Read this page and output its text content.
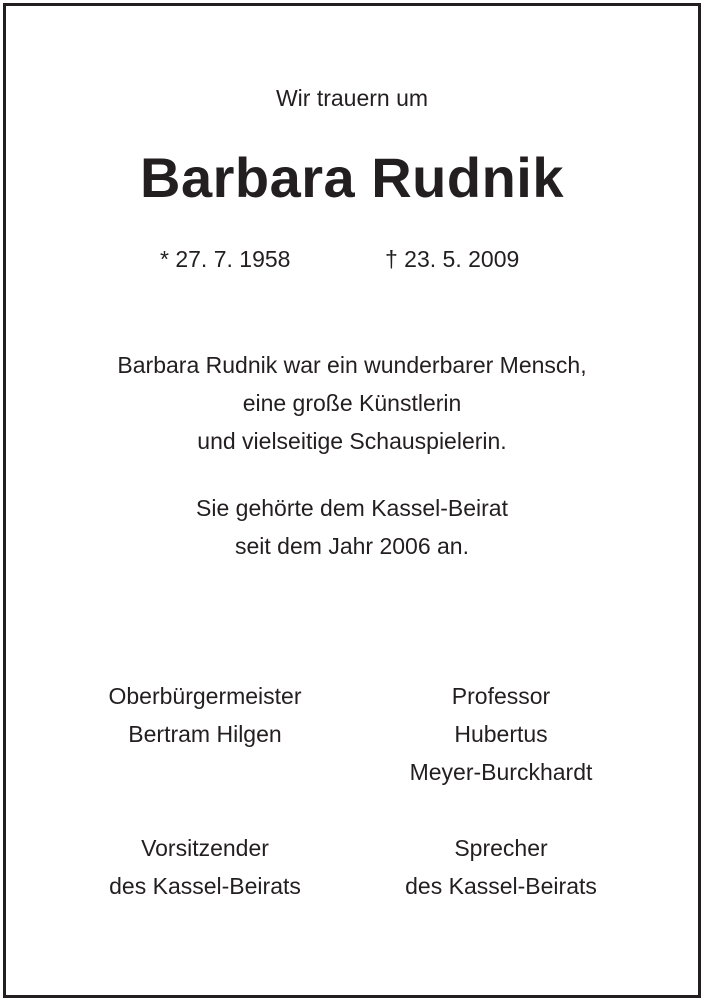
Wir trauern um
Barbara Rudnik
* 27. 7. 1958	† 23. 5. 2009
Barbara Rudnik war ein wunderbarer Mensch,
eine große Künstlerin
und vielseitige Schauspielerin.
Sie gehörte dem Kassel-Beirat
seit dem Jahr 2006 an.
Oberbürgermeister
Bertram Hilgen
Vorsitzender
des Kassel-Beirats
Professor
Hubertus
Meyer-Burckhardt
Sprecher
des Kassel-Beirats
